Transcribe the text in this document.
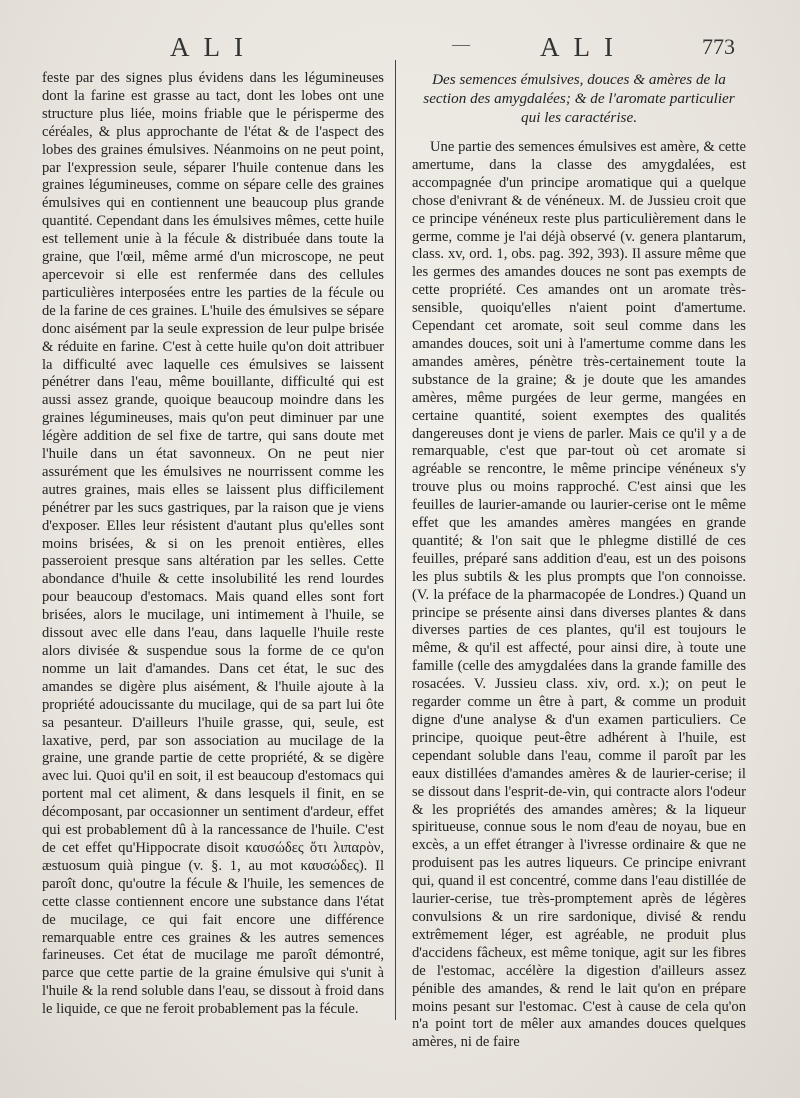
ALI	—	ALI	773

feste par des signes plus évidens dans les légumineuses dont la farine est grasse au tact, dont les lobes ont une structure plus liée, moins friable que le périsperme des céréales, & plus approchante de l'état & de l'aspect des lobes des graines émulsives. Néanmoins on ne peut point, par l'expression seule, séparer l'huile contenue dans les graines légumineuses, comme on sépare celle des graines émulsives qui en contiennent une beaucoup plus grande quantité. Cependant dans les émulsives mêmes, cette huile est tellement unie à la fécule & distribuée dans toute la graine, que l'œil, même armé d'un microscope, ne peut apercevoir si elle est renfermée dans des cellules particulières interposées entre les parties de la fécule ou de la farine de ces graines. L'huile des émulsives se sépare donc aisément par la seule expression de leur pulpe brisée & réduite en farine. C'est à cette huile qu'on doit attribuer la difficulté avec laquelle ces émulsives se laissent pénétrer dans l'eau, même bouillante, difficulté qui est aussi assez grande, quoique beaucoup moindre dans les graines légumineuses, mais qu'on peut diminuer par une légère addition de sel fixe de tartre, qui sans doute met l'huile dans un état savonneux. On ne peut nier assurément que les émulsives ne nourrissent comme les autres graines, mais elles se laissent plus difficilement pénétrer par les sucs gastriques, par la raison que je viens d'exposer. Elles leur résistent d'autant plus qu'elles sont moins brisées, & si on les prenoit entières, elles passeroient presque sans altération par les selles. Cette abondance d'huile & cette insolubilité les rend lourdes pour beaucoup d'estomacs. Mais quand elles sont fort brisées, alors le mucilage, uni intimement à l'huile, se dissout avec elle dans l'eau, dans laquelle l'huile reste alors divisée & suspendue sous la forme de ce qu'on nomme un lait d'amandes. Dans cet état, le suc des amandes se digère plus aisément, & l'huile ajoute à la propriété adoucissante du mucilage, qui de sa part lui ôte sa pesanteur. D'ailleurs l'huile grasse, qui, seule, est laxative, perd, par son association au mucilage de la graine, une grande partie de cette propriété, & se digère avec lui. Quoi qu'il en soit, il est beaucoup d'estomacs qui portent mal cet aliment, & dans lesquels il finit, en se décomposant, par occasionner un sentiment d'ardeur, effet qui est probablement dû à la rancessance de l'huile. C'est de cet effet qu'Hippocrate disoit καυσώδες ὅτι λιπαρὸν, æstuosum quià pingue (v. §. 1, au mot καυσώδες). Il paroît donc, qu'outre la fécule & l'huile, les semences de cette classe contiennent encore une substance dans l'état de mucilage, ce qui fait encore une différence remarquable entre ces graines & les autres semences farineuses. Cet état de mucilage me paroît démontré, parce que cette partie de la graine émulsive qui s'unit à l'huile & la rend soluble dans l'eau, se dissout à froid dans le liquide, ce que ne feroit probablement pas la fécule.

Des semences émulsives, douces & amères de la section des amygdalées; & de l'aromate particulier qui les caractérise.

Une partie des semences émulsives est amère, & cette amertume, dans la classe des amygdalées, est accompagnée d'un principe aromatique qui a quelque chose d'enivrant & de vénéneux. M. de Jussieu croit que ce principe vénéneux reste plus particulièrement dans le germe, comme je l'ai déjà observé (v. genera plantarum, class. xv, ord. 1, obs. pag. 392, 393). Il assure même que les germes des amandes douces ne sont pas exempts de cette propriété. Ces amandes ont un aromate très-sensible, quoiqu'elles n'aient point d'amertume. Cependant cet aromate, soit seul comme dans les amandes douces, soit uni à l'amertume comme dans les amandes amères, pénètre très-certainement toute la substance de la graine; & je doute que les amandes amères, même purgées de leur germe, mangées en certaine quantité, soient exemptes des qualités dangereuses dont je viens de parler. Mais ce qu'il y a de remarquable, c'est que par-tout où cet aromate si agréable se rencontre, le même principe vénéneux s'y trouve plus ou moins rapproché. C'est ainsi que les feuilles de laurier-amande ou laurier-cerise ont le même effet que les amandes amères mangées en grande quantité; & l'on sait que le phlegme distillé de ces feuilles, préparé sans addition d'eau, est un des poisons les plus subtils & les plus prompts que l'on connoisse. (V. la préface de la pharmacopée de Londres.) Quand un principe se présente ainsi dans diverses plantes & dans diverses parties de ces plantes, qu'il est toujours le même, & qu'il est affecté, pour ainsi dire, à toute une famille (celle des amygdalées dans la grande famille des rosacées. V. Jussieu class. xiv, ord. x.); on peut le regarder comme un être à part, & comme un produit digne d'une analyse & d'un examen particuliers. Ce principe, quoique peut-être adhérent à l'huile, est cependant soluble dans l'eau, comme il paroît par les eaux distillées d'amandes amères & de laurier-cerise; il se dissout dans l'esprit-de-vin, qui contracte alors l'odeur & les propriétés des amandes amères; & la liqueur spiritueuse, connue sous le nom d'eau de noyau, bue en excès, a un effet étranger à l'ivresse ordinaire & que ne produisent pas les autres liqueurs. Ce principe enivrant qui, quand il est concentré, comme dans l'eau distillée de laurier-cerise, tue très-promptement après de légères convulsions & un rire sardonique, divisé & rendu extrêmement léger, est agréable, ne produit plus d'accidens fâcheux, est même tonique, agit sur les fibres de l'estomac, accélère la digestion d'ailleurs assez pénible des amandes, & rend le lait qu'on en prépare moins pesant sur l'estomac. C'est à cause de cela qu'on n'a point tort de mêler aux amandes douces quelques amères, ni de faire
